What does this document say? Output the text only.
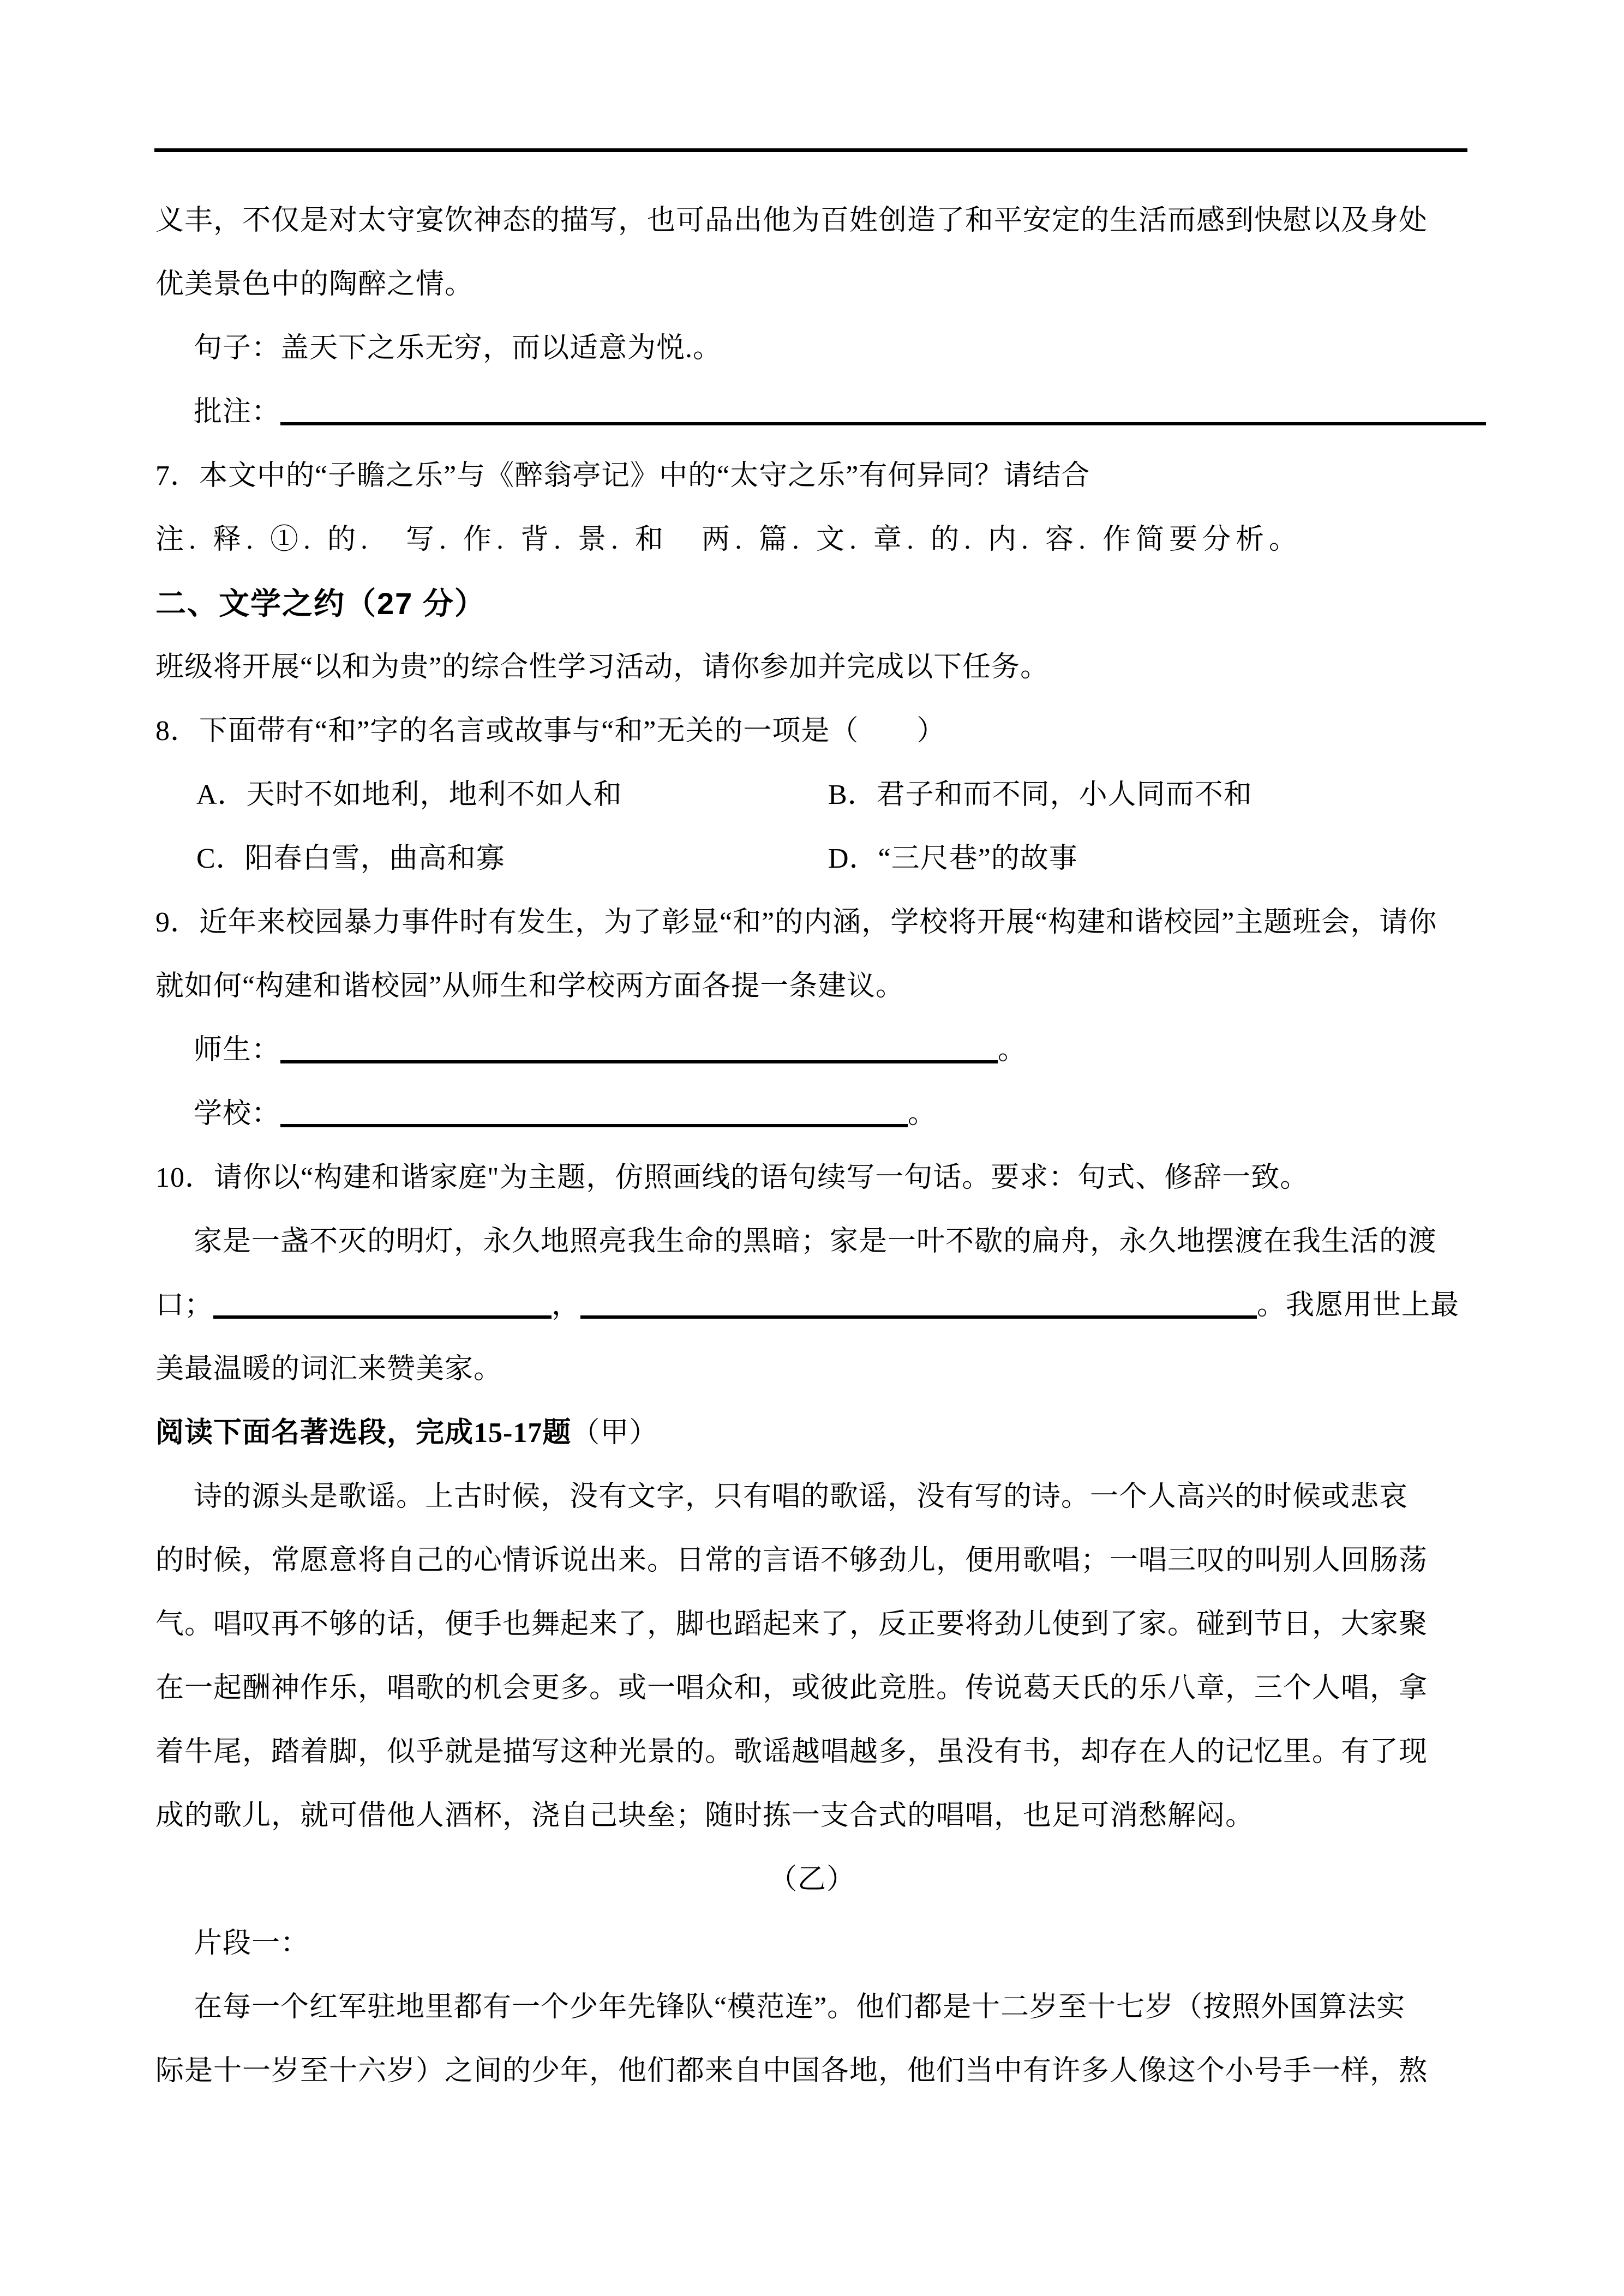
义丰，不仅是对太守宴饮神态的描写，也可品出他为百姓创造了和平安定的生活而感到快慰以及身处
优美景色中的陶醉之情。
句子：盖天下之乐无穷，而以适意为悦.。
批注：
7．本文中的“子瞻之乐”与《醉翁亭记》中的“太守之乐”有何异同？请结合
注. 释. ①. 的.　写. 作. 背. 景. 和　两. 篇. 文. 章. 的. 内. 容. 作简要分析。
二、文学之约（27 分）
班级将开展“以和为贵”的综合性学习活动，请你参加并完成以下任务。
8．下面带有“和”字的名言或故事与“和”无关的一项是（　　）
A．天时不如地利，地利不如人和	B．君子和而不同，小人同而不和
C．阳春白雪，曲高和寡	D．“三尺巷”的故事
9．近年来校园暴力事件时有发生，为了彰显“和”的内涵，学校将开展“构建和谐校园”主题班会，请你
就如何“构建和谐校园”从师生和学校两方面各提一条建议。
师生：	。
学校：	。
10．请你以“构建和谐家庭"为主题，仿照画线的语句续写一句话。要求：句式、修辞一致。
家是一盏不灭的明灯，永久地照亮我生命的黑暗；家是一叶不歇的扁舟，永久地摆渡在我生活的渡
口；	，	。我愿用世上最
美最温暖的词汇来赞美家。
阅读下面名著选段，完成15-17题（甲）
诗的源头是歌谣。上古时候，没有文字，只有唱的歌谣，没有写的诗。一个人高兴的时候或悲哀
的时候，常愿意将自己的心情诉说出来。日常的言语不够劲儿，便用歌唱；一唱三叹的叫别人回肠荡
气。唱叹再不够的话，便手也舞起来了，脚也蹈起来了，反正要将劲儿使到了家。碰到节日，大家聚
在一起酬神作乐，唱歌的机会更多。或一唱众和，或彼此竞胜。传说葛天氏的乐八章，三个人唱，拿
着牛尾，踏着脚，似乎就是描写这种光景的。歌谣越唱越多，虽没有书，却存在人的记忆里。有了现
成的歌儿，就可借他人酒杯，浇自己块垒；随时拣一支合式的唱唱，也足可消愁解闷。
（乙）
片段一：
在每一个红军驻地里都有一个少年先锋队“模范连”。他们都是十二岁至十七岁（按照外国算法实
际是十一岁至十六岁）之间的少年，他们都来自中国各地，他们当中有许多人像这个小号手一样，熬
